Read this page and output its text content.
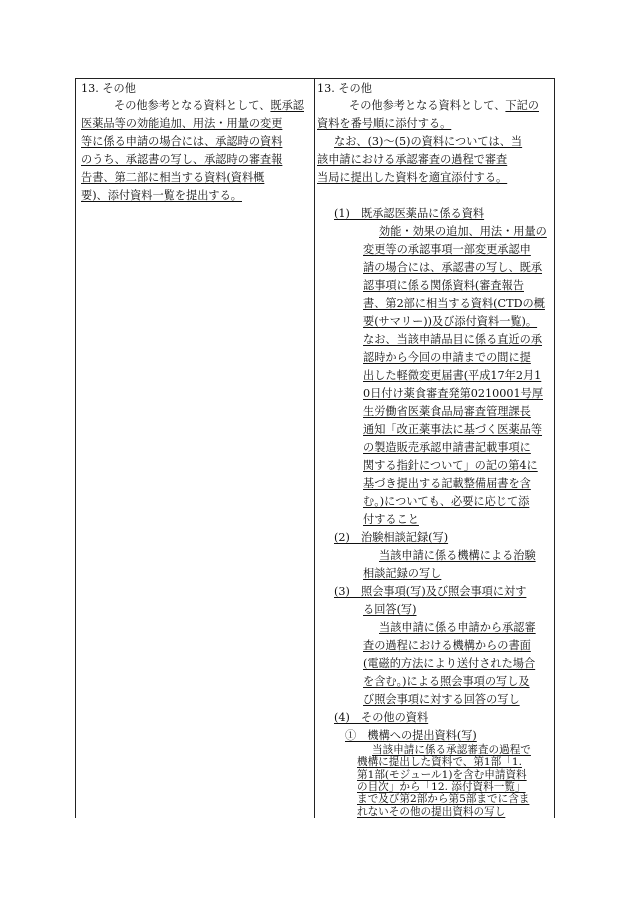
13. その他
その他参考となる資料として、既承認
医薬品等の効能追加、用法・用量の変更
等に係る申請の場合には、承認時の資料
のうち、承認書の写し、承認時の審査報
告書、第二部に相当する資料(資料概
要)、添付資料一覧を提出する。
13. その他
その他参考となる資料として、下記の
資料を番号順に添付する。
なお、(3)～(5)の資料については、当
該申請における承認審査の過程で審査
当局に提出した資料を適宜添付する。
(1)　既承認医薬品に係る資料
効能・効果の追加、用法・用量の
変更等の承認事項一部変更承認申
請の場合には、承認書の写し、既承
認事項に係る関係資料(審査報告
書、第2部に相当する資料(CTDの概
要(サマリー))及び添付資料一覧)。
なお、当該申請品目に係る直近の承
認時から今回の申請までの間に提
出した軽微変更届書(平成17年2月1
0日付け薬食審査発第0210001号厚
生労働省医薬食品局審査管理課長
通知「改正薬事法に基づく医薬品等
の製造販売承認申請書記載事項に
関する指針について」の記の第4に
基づき提出する記載整備届書を含
む。)についても、必要に応じて添
付すること
(2)　治験相談記録(写)
当該申請に係る機構による治験
相談記録の写し
(3)　照会事項(写)及び照会事項に対す
る回答(写)
当該申請に係る申請から承認審
査の過程における機構からの書面
(電磁的方法により送付された場合
を含む。)による照会事項の写し及
び照会事項に対する回答の写し
(4)　その他の資料
①　機構への提出資料(写)
当該申請に係る承認審査の過程で
機構に提出した資料で、第1部「1.
第1部(モジュール1)を含む申請資料
の目次」から「12. 添付資料一覧」
まで及び第2部から第5部までに含ま
れないその他の提出資料の写し
